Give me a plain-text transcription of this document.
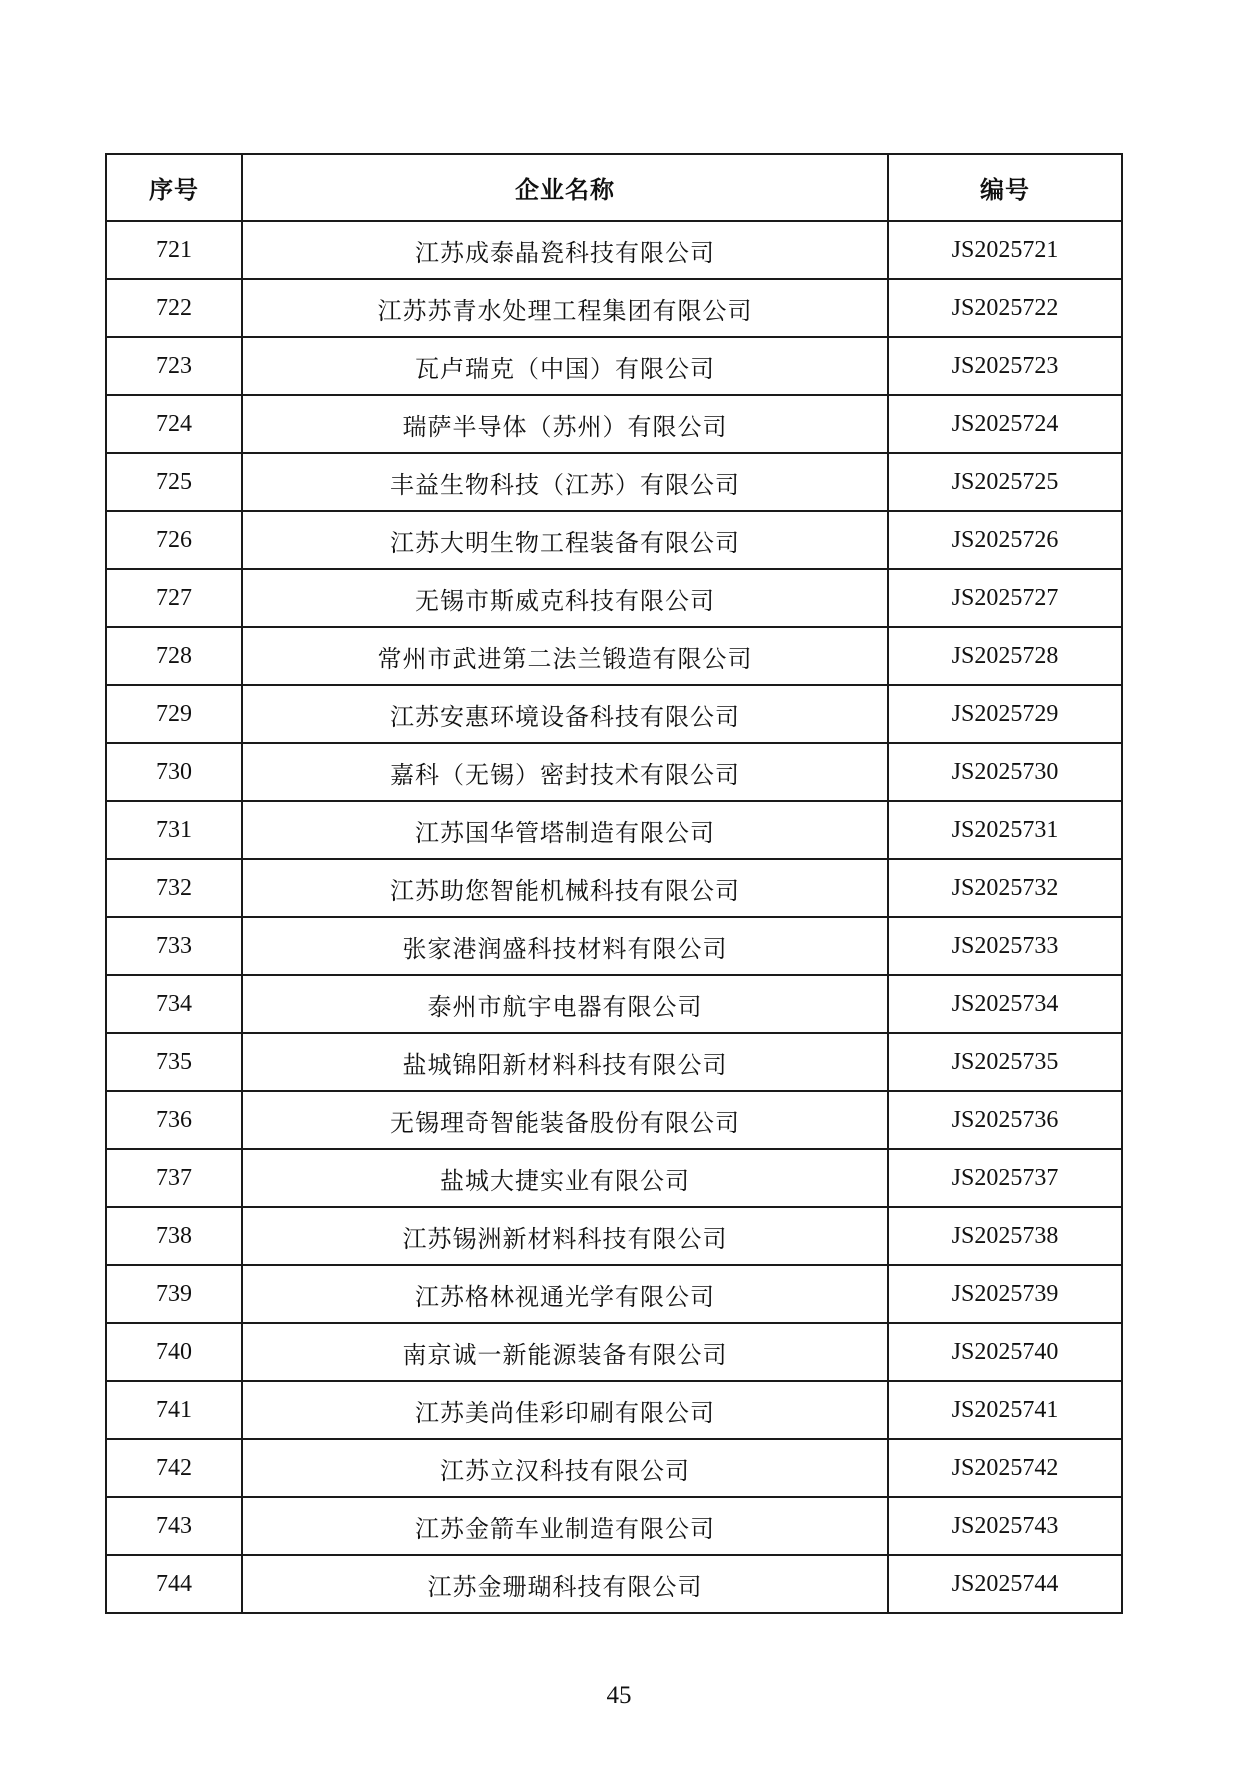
序号	企业名称	编号
721	江苏成泰晶瓷科技有限公司	JS2025721
722	江苏苏青水处理工程集团有限公司	JS2025722
723	瓦卢瑞克（中国）有限公司	JS2025723
724	瑞萨半导体（苏州）有限公司	JS2025724
725	丰益生物科技（江苏）有限公司	JS2025725
726	江苏大明生物工程装备有限公司	JS2025726
727	无锡市斯威克科技有限公司	JS2025727
728	常州市武进第二法兰锻造有限公司	JS2025728
729	江苏安惠环境设备科技有限公司	JS2025729
730	嘉科（无锡）密封技术有限公司	JS2025730
731	江苏国华管塔制造有限公司	JS2025731
732	江苏助您智能机械科技有限公司	JS2025732
733	张家港润盛科技材料有限公司	JS2025733
734	泰州市航宇电器有限公司	JS2025734
735	盐城锦阳新材料科技有限公司	JS2025735
736	无锡理奇智能装备股份有限公司	JS2025736
737	盐城大捷实业有限公司	JS2025737
738	江苏锡洲新材料科技有限公司	JS2025738
739	江苏格林视通光学有限公司	JS2025739
740	南京诚一新能源装备有限公司	JS2025740
741	江苏美尚佳彩印刷有限公司	JS2025741
742	江苏立汉科技有限公司	JS2025742
743	江苏金箭车业制造有限公司	JS2025743
744	江苏金珊瑚科技有限公司	JS2025744
45
